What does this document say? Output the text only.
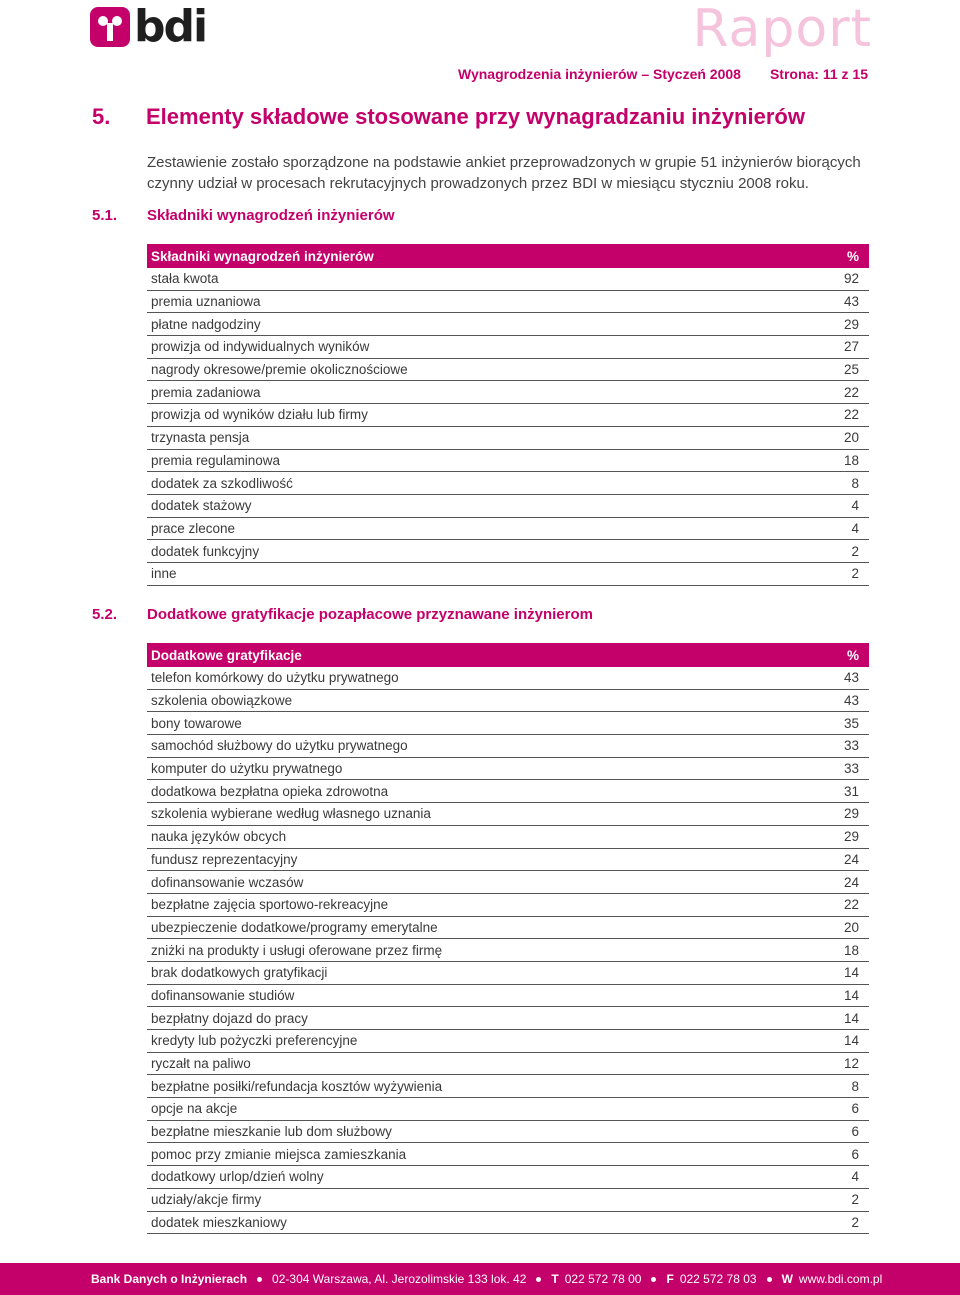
bdi	Raport
Wynagrodzenia inżynierów – Styczeń 2008 Strona: 11 z 15
5. Elementy składowe stosowane przy wynagradzaniu inżynierów

Zestawienie zostało sporządzone na podstawie ankiet przeprowadzonych w grupie 51 inżynierów biorących czynny udział w procesach rekrutacyjnych prowadzonych przez BDI w miesiącu styczniu 2008 roku.

5.1. Składniki wynagrodzeń inżynierów
Składniki wynagrodzeń inżynierów	%
stała kwota	92
premia uznaniowa	43
płatne nadgodziny	29
prowizja od indywidualnych wyników	27
nagrody okresowe/premie okolicznościowe	25
premia zadaniowa	22
prowizja od wyników działu lub firmy	22
trzynasta pensja	20
premia regulaminowa	18
dodatek za szkodliwość	8
dodatek stażowy	4
prace zlecone	4
dodatek funkcyjny	2
inne	2
5.2. Dodatkowe gratyfikacje pozapłacowe przyznawane inżynierom
Dodatkowe gratyfikacje	%
telefon komórkowy do użytku prywatnego	43
szkolenia obowiązkowe	43
bony towarowe	35
samochód służbowy do użytku prywatnego	33
komputer do użytku prywatnego	33
dodatkowa bezpłatna opieka zdrowotna	31
szkolenia wybierane według własnego uznania	29
nauka języków obcych	29
fundusz reprezentacyjny	24
dofinansowanie wczasów	24
bezpłatne zajęcia sportowo-rekreacyjne	22
ubezpieczenie dodatkowe/programy emerytalne	20
zniżki na produkty i usługi oferowane przez firmę	18
brak dodatkowych gratyfikacji	14
dofinansowanie studiów	14
bezpłatny dojazd do pracy	14
kredyty lub pożyczki preferencyjne	14
ryczałt na paliwo	12
bezpłatne posiłki/refundacja kosztów wyżywienia	8
opcje na akcje	6
bezpłatne mieszkanie lub dom służbowy	6
pomoc przy zmianie miejsca zamieszkania	6
dodatkowy urlop/dzień wolny	4
udziały/akcje firmy	2
dodatek mieszkaniowy	2
Bank Danych o Inżynierach 02-304 Warszawa, Al. Jerozolimskie 133 lok. 42 T 022 572 78 00 F 022 572 78 03 W www.bdi.com.pl
